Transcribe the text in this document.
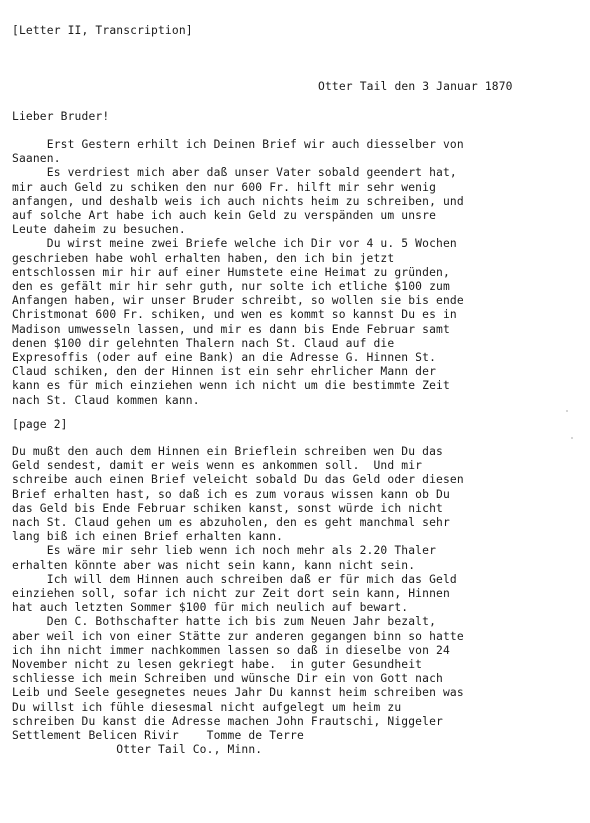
[Letter II, Transcription]
Otter Tail den 3 Januar 1870
Lieber Bruder!
Erst Gestern erhilt ich Deinen Brief wir auch diesselber von
Saanen.
Es verdriest mich aber daß unser Vater sobald geendert hat,
mir auch Geld zu schiken den nur 600 Fr. hilft mir sehr wenig
anfangen, und deshalb weis ich auch nichts heim zu schreiben, und
auf solche Art habe ich auch kein Geld zu verspänden um unsre
Leute daheim zu besuchen.
Du wirst meine zwei Briefe welche ich Dir vor 4 u. 5 Wochen
geschrieben habe wohl erhalten haben, den ich bin jetzt
entschlossen mir hir auf einer Humstete eine Heimat zu gründen,
den es gefält mir hir sehr guth, nur solte ich etliche $100 zum
Anfangen haben, wir unser Bruder schreibt, so wollen sie bis ende
Christmonat 600 Fr. schiken, und wen es kommt so kannst Du es in
Madison umwesseln lassen, und mir es dann bis Ende Februar samt
denen $100 dir gelehnten Thalern nach St. Claud auf die
Expresoffis (oder auf eine Bank) an die Adresse G. Hinnen St.
Claud schiken, den der Hinnen ist ein sehr ehrlicher Mann der
kann es für mich einziehen wenn ich nicht um die bestimmte Zeit
nach St. Claud kommen kann.
[page 2]
Du mußt den auch dem Hinnen ein Brieflein schreiben wen Du das
Geld sendest, damit er weis wenn es ankommen soll.  Und mir
schreibe auch einen Brief veleicht sobald Du das Geld oder diesen
Brief erhalten hast, so daß ich es zum voraus wissen kann ob Du
das Geld bis Ende Februar schiken kanst, sonst würde ich nicht
nach St. Claud gehen um es abzuholen, den es geht manchmal sehr
lang biß ich einen Brief erhalten kann.
Es wäre mir sehr lieb wenn ich noch mehr als 2.20 Thaler
erhalten könnte aber was nicht sein kann, kann nicht sein.
Ich will dem Hinnen auch schreiben daß er für mich das Geld
einziehen soll, sofar ich nicht zur Zeit dort sein kann, Hinnen
hat auch letzten Sommer $100 für mich neulich auf bewart.
Den C. Bothschafter hatte ich bis zum Neuen Jahr bezalt,
aber weil ich von einer Stätte zur anderen gegangen binn so hatte
ich ihn nicht immer nachkommen lassen so daß in dieselbe von 24
November nicht zu lesen gekriegt habe.  in guter Gesundheit
schliesse ich mein Schreiben und wünsche Dir ein von Gott nach
Leib und Seele gesegnetes neues Jahr Du kannst heim schreiben was
Du willst ich fühle diesesmal nicht aufgelegt um heim zu
schreiben Du kanst die Adresse machen John Frautschi, Niggeler
Settlement Belicen Rivir    Tomme de Terre
Otter Tail Co., Minn.
